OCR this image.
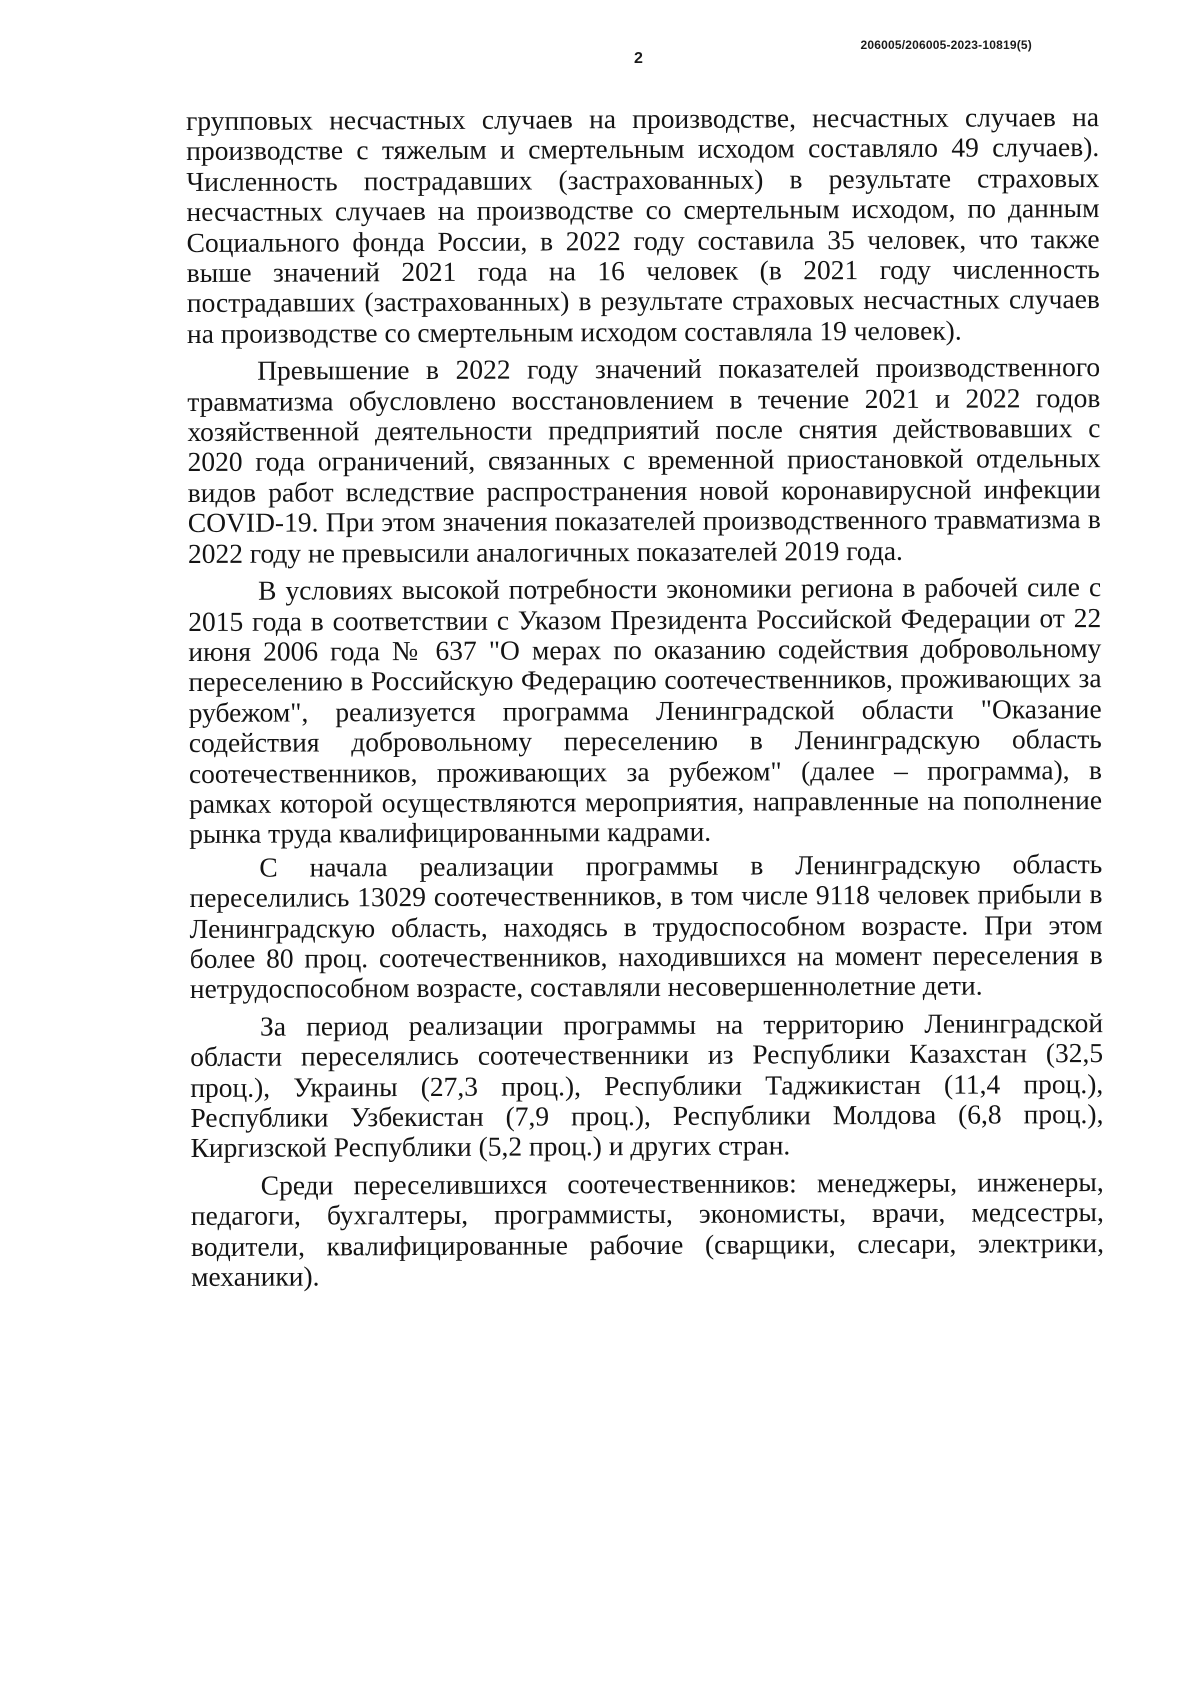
206005/206005-2023-10819(5)
2

групповых несчастных случаев на производстве, несчастных случаев на производстве с тяжелым и смертельным исходом составляло 49 случаев). Численность пострадавших (застрахованных) в результате страховых несчастных случаев на производстве со смертельным исходом, по данным Социального фонда России, в 2022 году составила 35 человек, что также выше значений 2021 года на 16 человек (в 2021 году численность пострадавших (застрахованных) в результате страховых несчастных случаев на производстве со смертельным исходом составляла 19 человек).

Превышение в 2022 году значений показателей производственного травматизма обусловлено восстановлением в течение 2021 и 2022 годов хозяйственной деятельности предприятий после снятия действовавших с 2020 года ограничений, связанных с временной приостановкой отдельных видов работ вследствие распространения новой коронавирусной инфекции COVID-19. При этом значения показателей производственного травматизма в 2022 году не превысили аналогичных показателей 2019 года.

В условиях высокой потребности экономики региона в рабочей силе с 2015 года в соответствии с Указом Президента Российской Федерации от 22 июня 2006 года № 637 "О мерах по оказанию содействия добровольному переселению в Российскую Федерацию соотечественников, проживающих за рубежом", реализуется программа Ленинградской области "Оказание содействия добровольному переселению в Ленинградскую область соотечественников, проживающих за рубежом" (далее – программа), в рамках которой осуществляются мероприятия, направленные на пополнение рынка труда квалифицированными кадрами.

С начала реализации программы в Ленинградскую область переселились 13029 соотечественников, в том числе 9118 человек прибыли в Ленинградскую область, находясь в трудоспособном возрасте. При этом более 80 проц. соотечественников, находившихся на момент переселения в нетрудоспособном возрасте, составляли несовершеннолетние дети.

За период реализации программы на территорию Ленинградской области переселялись соотечественники из Республики Казахстан (32,5 проц.), Украины (27,3 проц.), Республики Таджикистан (11,4 проц.), Республики Узбекистан (7,9 проц.), Республики Молдова (6,8 проц.), Киргизской Республики (5,2 проц.) и других стран.

Среди переселившихся соотечественников: менеджеры, инженеры, педагоги, бухгалтеры, программисты, экономисты, врачи, медсестры, водители, квалифицированные рабочие (сварщики, слесари, электрики, механики).
